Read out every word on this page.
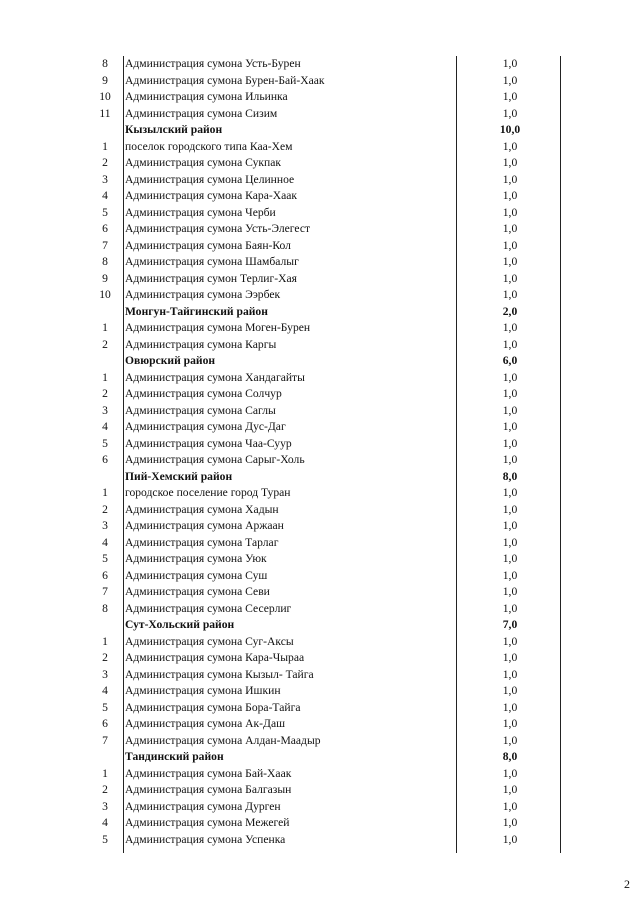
8	Администрация сумона Усть-Бурен	1,0
9	Администрация сумона Бурен-Бай-Хаак	1,0
10	Администрация сумона Ильинка	1,0
11	Администрация сумона Сизим	1,0
Кызылский район	10,0
1	поселок городского типа Каа-Хем	1,0
2	Администрация сумона Сукпак	1,0
3	Администрация сумона Целинное	1,0
4	Администрация сумона Кара-Хаак	1,0
5	Администрация сумона Черби	1,0
6	Администрация сумона Усть-Элегест	1,0
7	Администрация сумона Баян-Кол	1,0
8	Администрация сумона Шамбалыг	1,0
9	Администрация сумон Терлиг-Хая	1,0
10	Администрация сумона Ээрбек	1,0
Монгун-Тайгинский район	2,0
1	Администрация сумона Моген-Бурен	1,0
2	Администрация сумона Каргы	1,0
Овюрский район	6,0
1	Администрация сумона Хандагайты	1,0
2	Администрация сумона Солчур	1,0
3	Администрация сумона Саглы	1,0
4	Администрация сумона Дус-Даг	1,0
5	Администрация сумона Чаа-Суур	1,0
6	Администрация сумона Сарыг-Холь	1,0
Пий-Хемский район	8,0
1	городское поселение город Туран	1,0
2	Администрация сумона Хадын	1,0
3	Администрация сумона Аржаан	1,0
4	Администрация сумона Тарлаг	1,0
5	Администрация сумона Уюк	1,0
6	Администрация сумона Суш	1,0
7	Администрация сумона Севи	1,0
8	Администрация сумона Сесерлиг	1,0
Сут-Хольский район	7,0
1	Администрация сумона Суг-Аксы	1,0
2	Администрация сумона Кара-Чыраа	1,0
3	Администрация сумона Кызыл- Тайга	1,0
4	Администрация сумона Ишкин	1,0
5	Администрация сумона Бора-Тайга	1,0
6	Администрация сумона Ак-Даш	1,0
7	Администрация сумона Алдан-Маадыр	1,0
Тандинский район	8,0
1	Администрация сумона Бай-Хаак	1,0
2	Администрация сумона Балгазын	1,0
3	Администрация сумона Дурген	1,0
4	Администрация сумона Межегей	1,0
5	Администрация сумона Успенка	1,0
2
